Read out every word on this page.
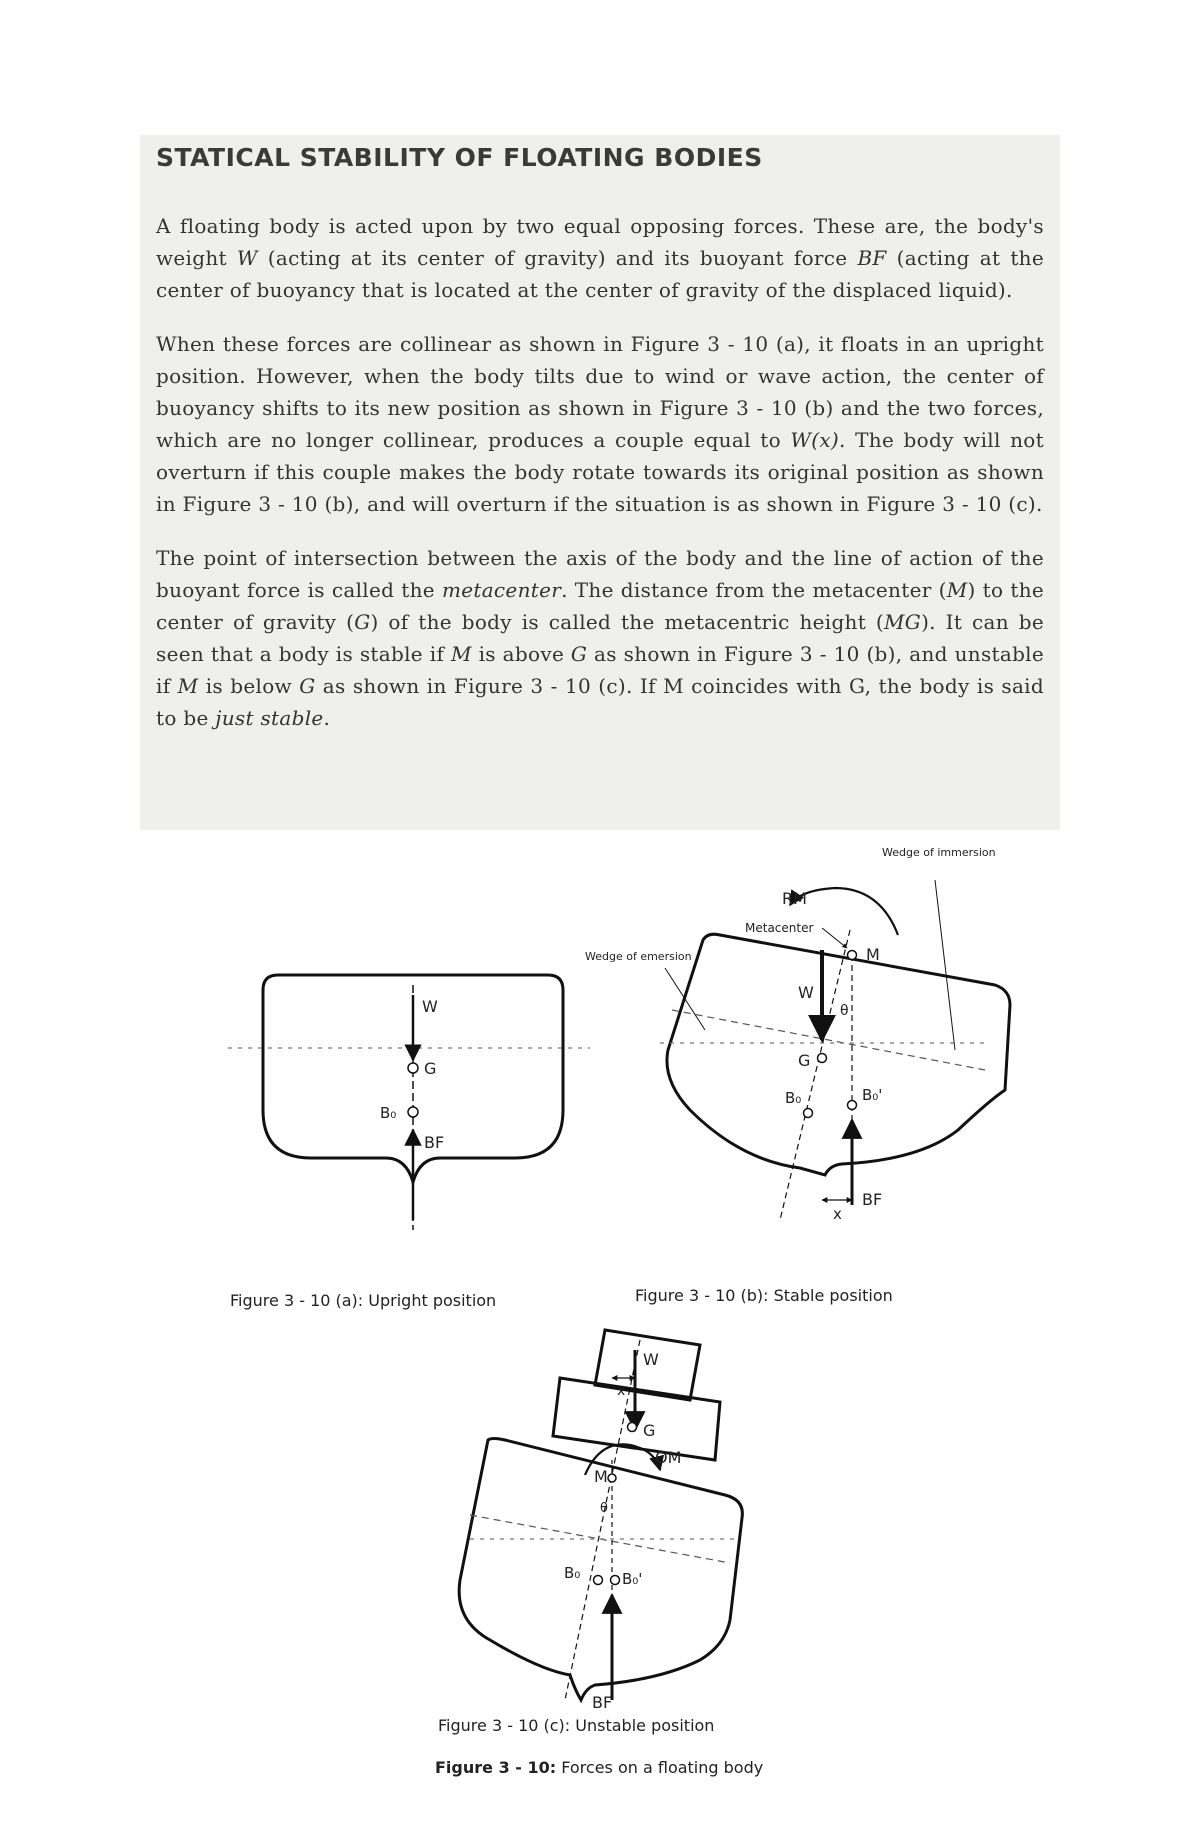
STATICAL STABILITY OF FLOATING BODIES

A floating body is acted upon by two equal opposing forces. These are, the body's weight W (acting at its center of gravity) and its buoyant force BF (acting at the center of buoyancy that is located at the center of gravity of the displaced liquid).

When these forces are collinear as shown in Figure 3 - 10 (a), it floats in an upright position. However, when the body tilts due to wind or wave action, the center of buoyancy shifts to its new position as shown in Figure 3 - 10 (b) and the two forces, which are no longer collinear, produces a couple equal to W(x). The body will not overturn if this couple makes the body rotate towards its original position as shown in Figure 3 - 10 (b), and will overturn if the situation is as shown in Figure 3 - 10 (c).

The point of intersection between the axis of the body and the line of action of the buoyant force is called the metacenter. The distance from the metacenter (M) to the center of gravity (G) of the body is called the metacentric height (MG). It can be seen that a body is stable if M is above G as shown in Figure 3 - 10 (b), and unstable if M is below G as shown in Figure 3 - 10 (c). If M coincides with G, the body is said to be just stable.

W
G
B₀
BF
Wedge of immersion
RM
Metacenter
M
Wedge of emersion
W
θ
G
B₀	B₀'
x
BF
W
x
G
OM
M
θ
B₀	B₀'
BF
Figure 3 - 10 (a): Upright position	Figure 3 - 10 (b): Stable position
Figure 3 - 10 (c): Unstable position
Figure 3 - 10: Forces on a floating body
